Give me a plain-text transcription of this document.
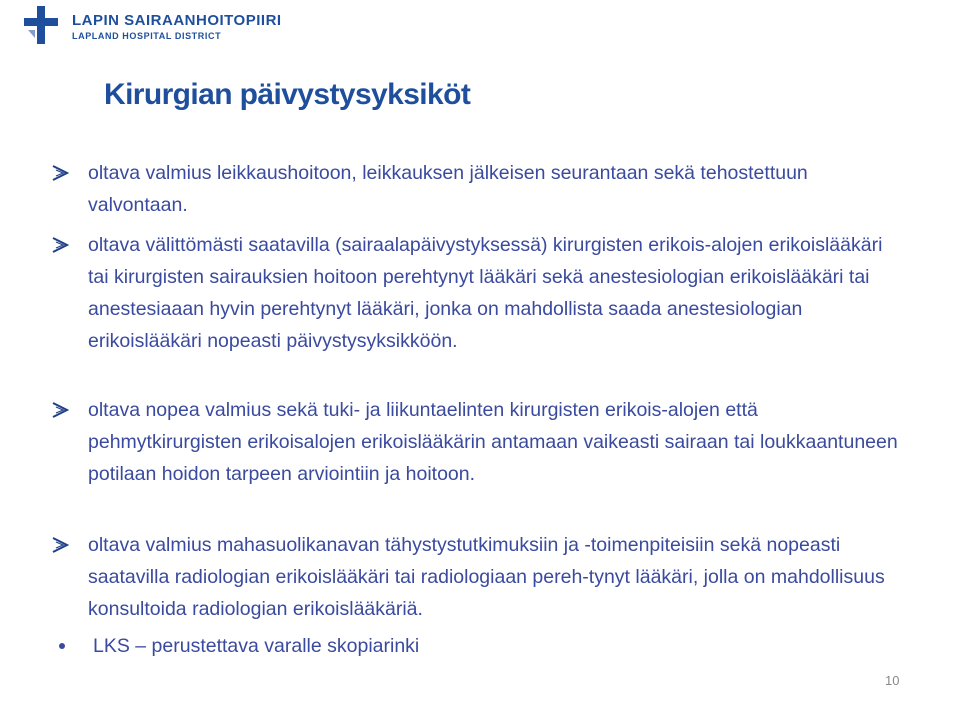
LAPIN SAIRAANHOITOPIIRI
LAPLAND HOSPITAL DISTRICT
Kirurgian päivystysyksiköt
oltava valmius leikkaushoitoon, leikkauksen jälkeisen seurantaan sekä tehostettuun valvontaan.
oltava välittömästi saatavilla (sairaalapäivystyksessä) kirurgisten erikois-alojen erikoislääkäri tai kirurgisten sairauksien hoitoon perehtynyt lääkäri sekä anestesiologian erikoislääkäri tai anestesiaaan hyvin perehtynyt lääkäri, jonka on mahdollista saada anestesiologian erikoislääkäri nopeasti päivystysyksikköön.
oltava nopea valmius sekä tuki- ja liikuntaelinten kirurgisten erikois-alojen että pehmytkirurgisten erikoisalojen erikoislääkärin antamaan vaikeasti sairaan tai loukkaantuneen potilaan hoidon tarpeen arviointiin ja hoitoon.
oltava valmius mahasuolikanavan tähystystutkimuksiin ja -toimenpiteisiin sekä nopeasti saatavilla radiologian erikoislääkäri tai radiologiaan pereh-tynyt lääkäri, jolla on mahdollisuus konsultoida radiologian erikoislääkäriä.
LKS – perustettava varalle skopiarinki
10
